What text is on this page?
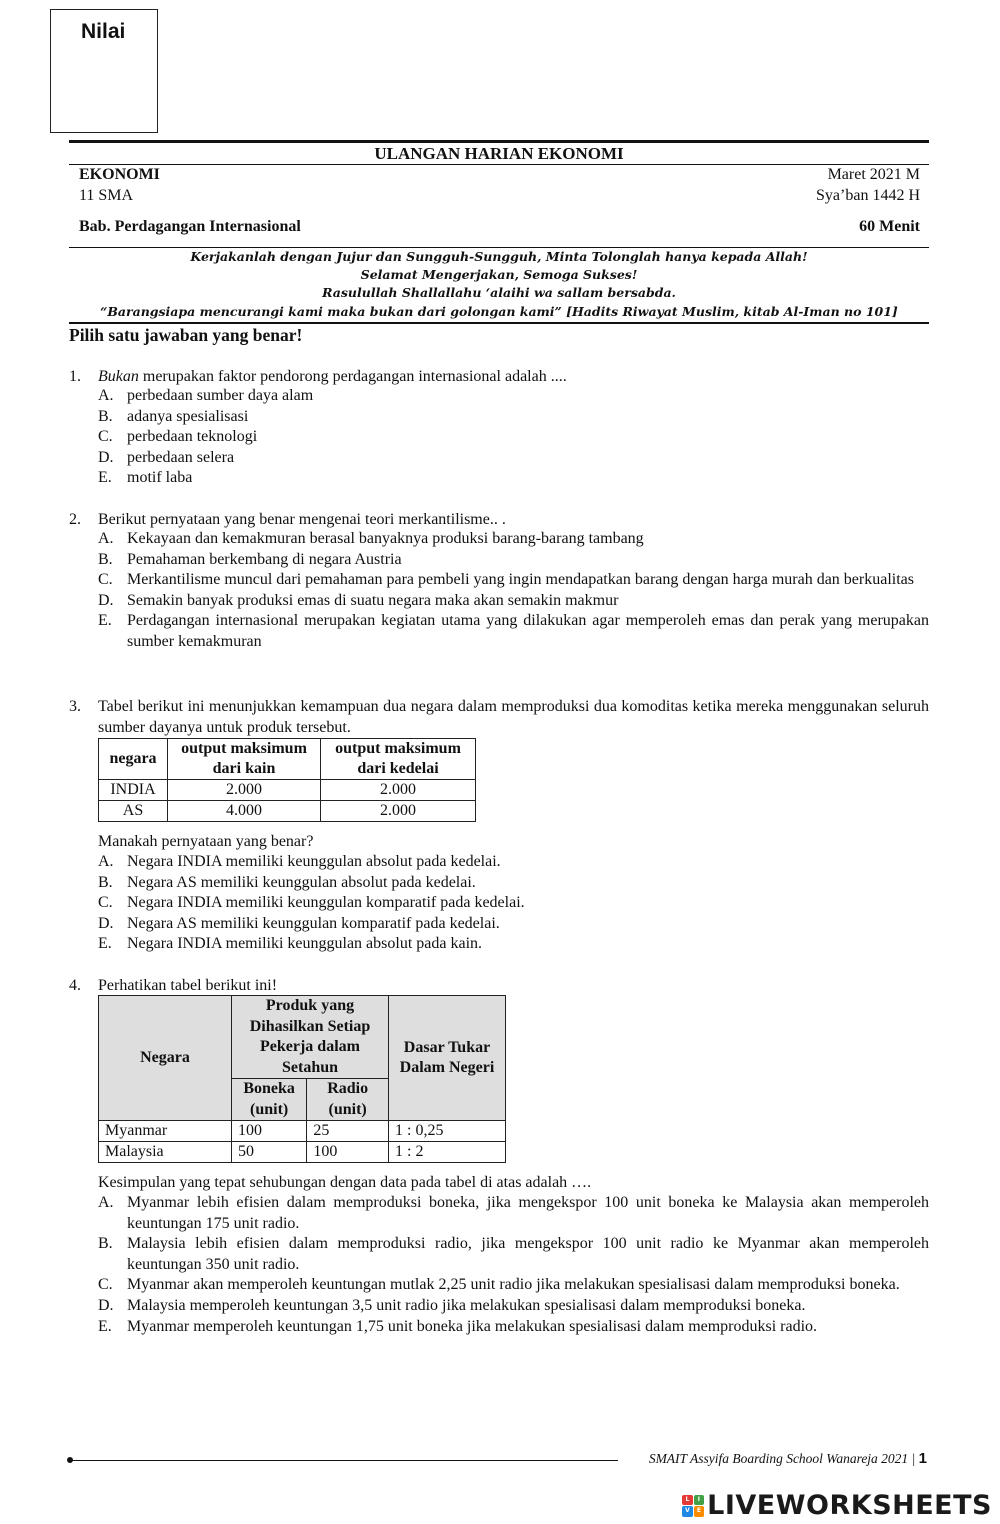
Nilai
ULANGAN HARIAN EKONOMI
EKONOMI
11 SMA
Maret 2021 M
Sya’ban 1442 H
Bab. Perdagangan Internasional	60 Menit
Kerjakanlah dengan Jujur dan Sungguh-Sungguh, Minta Tolonglah hanya kepada Allah!
Selamat Mengerjakan, Semoga Sukses!
Rasulullah Shallallahu ‘alaihi wa sallam bersabda.
“Barangsiapa mencurangi kami maka bukan dari golongan kami” [Hadits Riwayat Muslim, kitab Al-Iman no 101]
Pilih satu jawaban yang benar!
1.	Bukan merupakan faktor pendorong perdagangan internasional adalah ....
A. perbedaan sumber daya alam
B. adanya spesialisasi
C. perbedaan teknologi
D. perbedaan selera
E. motif laba
2.	Berikut pernyataan yang benar mengenai teori merkantilisme.. .
A. Kekayaan dan kemakmuran berasal banyaknya produksi barang-barang tambang
B. Pemahaman berkembang di negara Austria
C. Merkantilisme muncul dari pemahaman para pembeli yang ingin mendapatkan barang dengan harga murah dan berkualitas
D. Semakin banyak produksi emas di suatu negara maka akan semakin makmur
E. Perdagangan internasional merupakan kegiatan utama yang dilakukan agar memperoleh emas dan perak yang merupakan sumber kemakmuran
3.	Tabel berikut ini menunjukkan kemampuan dua negara dalam memproduksi dua komoditas ketika mereka menggunakan seluruh sumber dayanya untuk produk tersebut.
negara	output maksimum dari kain	output maksimum dari kedelai
INDIA	2.000	2.000
AS	4.000	2.000
Manakah pernyataan yang benar?
A. Negara INDIA memiliki keunggulan absolut pada kedelai.
B. Negara AS memiliki keunggulan absolut pada kedelai.
C. Negara INDIA memiliki keunggulan komparatif pada kedelai.
D. Negara AS memiliki keunggulan komparatif pada kedelai.
E. Negara INDIA memiliki keunggulan absolut pada kain.
4.	Perhatikan tabel berikut ini!
Negara	Produk yang Dihasilkan Setiap Pekerja dalam Setahun		Dasar Tukar Dalam Negeri
	Boneka (unit)	Radio (unit)	
Myanmar	100	25	1 : 0,25
Malaysia	50	100	1 : 2
Kesimpulan yang tepat sehubungan dengan data pada tabel di atas adalah ….
A. Myanmar lebih efisien dalam memproduksi boneka, jika mengekspor 100 unit boneka ke Malaysia akan memperoleh keuntungan 175 unit radio.
B. Malaysia lebih efisien dalam memproduksi radio, jika mengekspor 100 unit radio ke Myanmar akan memperoleh keuntungan 350 unit radio.
C. Myanmar akan memperoleh keuntungan mutlak 2,25 unit radio jika melakukan spesialisasi dalam memproduksi boneka.
D. Malaysia memperoleh keuntungan 3,5 unit radio jika melakukan spesialisasi dalam memproduksi boneka.
E. Myanmar memperoleh keuntungan 1,75 unit boneka jika melakukan spesialisasi dalam memproduksi radio.
SMAIT Assyifa Boarding School Wanareja 2021 | 1
L	I
V	E LIVEWORKSHEETS
